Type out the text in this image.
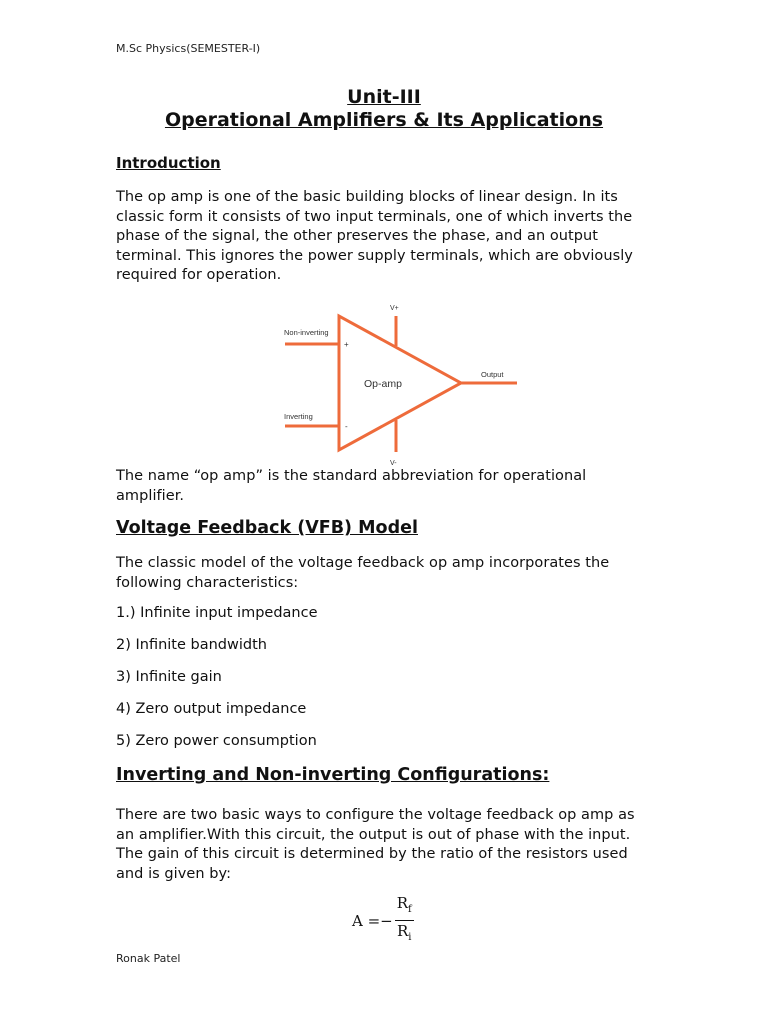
M.Sc Physics(SEMESTER-I)
Unit-III
Operational Amplifiers & Its Applications
Introduction
The op amp is one of the basic building blocks of linear design. In its classic form it consists of two input terminals, one of which inverts the phase of the signal, the other preserves the phase, and an output terminal. This ignores the power supply terminals, which are obviously required for operation.
V+
Non-inverting
+
Op-amp
Output
Inverting
-
V-
The name “op amp” is the standard abbreviation for operational amplifier.
Voltage Feedback (VFB) Model
The classic model of the voltage feedback op amp incorporates the following characteristics:
1.) Infinite input impedance
2) Infinite bandwidth
3) Infinite gain
4) Zero output impedance
5) Zero power consumption
Inverting and Non-inverting Configurations:
There are two basic ways to configure the voltage feedback op amp as an amplifier.With this circuit, the output is out of phase with the input. The gain of this circuit is determined by the ratio of the resistors used and is given by:
$A =- \frac{R_f}{R_i}$
Ronak Patel
